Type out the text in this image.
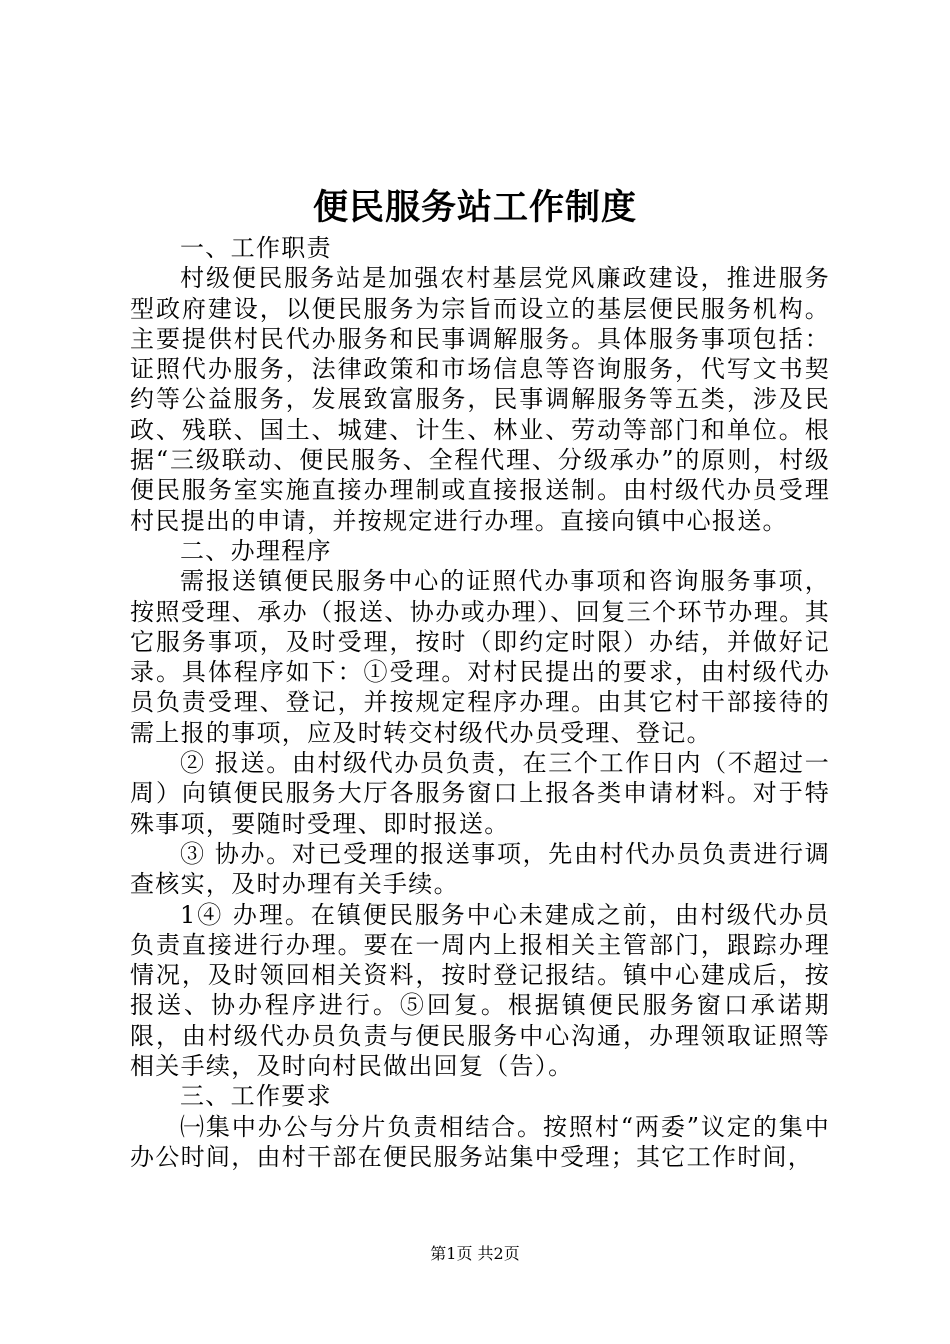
便民服务站工作制度

一、工作职责

村级便民服务站是加强农村基层党风廉政建设，推进服务型政府建设，以便民服务为宗旨而设立的基层便民服务机构。主要提供村民代办服务和民事调解服务。具体服务事项包括：证照代办服务，法律政策和市场信息等咨询服务，代写文书契约等公益服务，发展致富服务，民事调解服务等五类，涉及民政、残联、国土、城建、计生、林业、劳动等部门和单位。根据“三级联动、便民服务、全程代理、分级承办”的原则，村级便民服务室实施直接办理制或直接报送制。由村级代办员受理村民提出的申请，并按规定进行办理。直接向镇中心报送。

二、办理程序

需报送镇便民服务中心的证照代办事项和咨询服务事项，按照受理、承办（报送、协办或办理）、回复三个环节办理。其它服务事项，及时受理，按时（即约定时限）办结，并做好记录。具体程序如下：①受理。对村民提出的要求，由村级代办员负责受理、登记，并按规定程序办理。由其它村干部接待的需上报的事项，应及时转交村级代办员受理、登记。

② 报送。由村级代办员负责，在三个工作日内（不超过一周）向镇便民服务大厅各服务窗口上报各类申请材料。对于特殊事项，要随时受理、即时报送。

③ 协办。对已受理的报送事项，先由村代办员负责进行调查核实，及时办理有关手续。

1④ 办理。在镇便民服务中心未建成之前，由村级代办员负责直接进行办理。要在一周内上报相关主管部门，跟踪办理情况，及时领回相关资料，按时登记报结。镇中心建成后，按报送、协办程序进行。⑤回复。根据镇便民服务窗口承诺期限，由村级代办员负责与便民服务中心沟通，办理领取证照等相关手续，及时向村民做出回复（告）。

三、工作要求

㈠集中办公与分片负责相结合。按照村“两委”议定的集中办公时间，由村干部在便民服务站集中受理；其它工作时间，

第1页 共2页
